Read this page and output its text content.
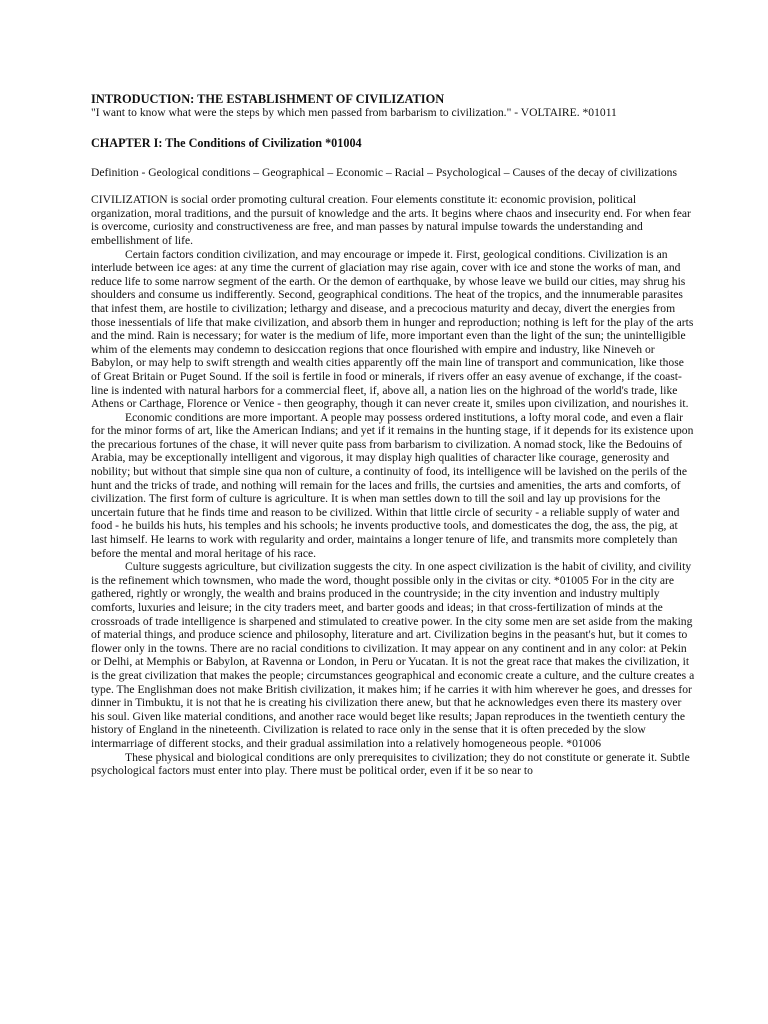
INTRODUCTION: THE ESTABLISHMENT OF CIVILIZATION

"I want to know what were the steps by which men passed from barbarism to civilization." - VOLTAIRE. *01011

CHAPTER I: The Conditions of Civilization *01004

Definition - Geological conditions – Geographical – Economic – Racial – Psychological – Causes of the decay of civilizations

CIVILIZATION is social order promoting cultural creation. Four elements constitute it: economic provision, political organization, moral traditions, and the pursuit of knowledge and the arts. It begins where chaos and insecurity end. For when fear is overcome, curiosity and constructiveness are free, and man passes by natural impulse towards the understanding and embellishment of life.

Certain factors condition civilization, and may encourage or impede it. First, geological conditions. Civilization is an interlude between ice ages: at any time the current of glaciation may rise again, cover with ice and stone the works of man, and reduce life to some narrow segment of the earth. Or the demon of earthquake, by whose leave we build our cities, may shrug his shoulders and consume us indifferently. Second, geographical conditions. The heat of the tropics, and the innumerable parasites that infest them, are hostile to civilization; lethargy and disease, and a precocious maturity and decay, divert the energies from those inessentials of life that make civilization, and absorb them in hunger and reproduction; nothing is left for the play of the arts and the mind. Rain is necessary; for water is the medium of life, more important even than the light of the sun; the unintelligible whim of the elements may condemn to desiccation regions that once flourished with empire and industry, like Nineveh or Babylon, or may help to swift strength and wealth cities apparently off the main line of transport and communication, like those of Great Britain or Puget Sound. If the soil is fertile in food or minerals, if rivers offer an easy avenue of exchange, if the coast-line is indented with natural harbors for a commercial fleet, if, above all, a nation lies on the highroad of the world's trade, like Athens or Carthage, Florence or Venice - then geography, though it can never create it, smiles upon civilization, and nourishes it.

Economic conditions are more important. A people may possess ordered institutions, a lofty moral code, and even a flair for the minor forms of art, like the American Indians; and yet if it remains in the hunting stage, if it depends for its existence upon the precarious fortunes of the chase, it will never quite pass from barbarism to civilization. A nomad stock, like the Bedouins of Arabia, may be exceptionally intelligent and vigorous, it may display high qualities of character like courage, generosity and nobility; but without that simple sine qua non of culture, a continuity of food, its intelligence will be lavished on the perils of the hunt and the tricks of trade, and nothing will remain for the laces and frills, the curtsies and amenities, the arts and comforts, of civilization. The first form of culture is agriculture. It is when man settles down to till the soil and lay up provisions for the uncertain future that he finds time and reason to be civilized. Within that little circle of security - a reliable supply of water and food - he builds his huts, his temples and his schools; he invents productive tools, and domesticates the dog, the ass, the pig, at last himself. He learns to work with regularity and order, maintains a longer tenure of life, and transmits more completely than before the mental and moral heritage of his race.

Culture suggests agriculture, but civilization suggests the city. In one aspect civilization is the habit of civility, and civility is the refinement which townsmen, who made the word, thought possible only in the civitas or city. *01005 For in the city are gathered, rightly or wrongly, the wealth and brains produced in the countryside; in the city invention and industry multiply comforts, luxuries and leisure; in the city traders meet, and barter goods and ideas; in that cross-fertilization of minds at the crossroads of trade intelligence is sharpened and stimulated to creative power. In the city some men are set aside from the making of material things, and produce science and philosophy, literature and art. Civilization begins in the peasant's hut, but it comes to flower only in the towns. There are no racial conditions to civilization. It may appear on any continent and in any color: at Pekin or Delhi, at Memphis or Babylon, at Ravenna or London, in Peru or Yucatan. It is not the great race that makes the civilization, it is the great civilization that makes the people; circumstances geographical and economic create a culture, and the culture creates a type. The Englishman does not make British civilization, it makes him; if he carries it with him wherever he goes, and dresses for dinner in Timbuktu, it is not that he is creating his civilization there anew, but that he acknowledges even there its mastery over his soul. Given like material conditions, and another race would beget like results; Japan reproduces in the twentieth century the history of England in the nineteenth. Civilization is related to race only in the sense that it is often preceded by the slow intermarriage of different stocks, and their gradual assimilation into a relatively homogeneous people. *01006

These physical and biological conditions are only prerequisites to civilization; they do not constitute or generate it. Subtle psychological factors must enter into play. There must be political order, even if it be so near to
